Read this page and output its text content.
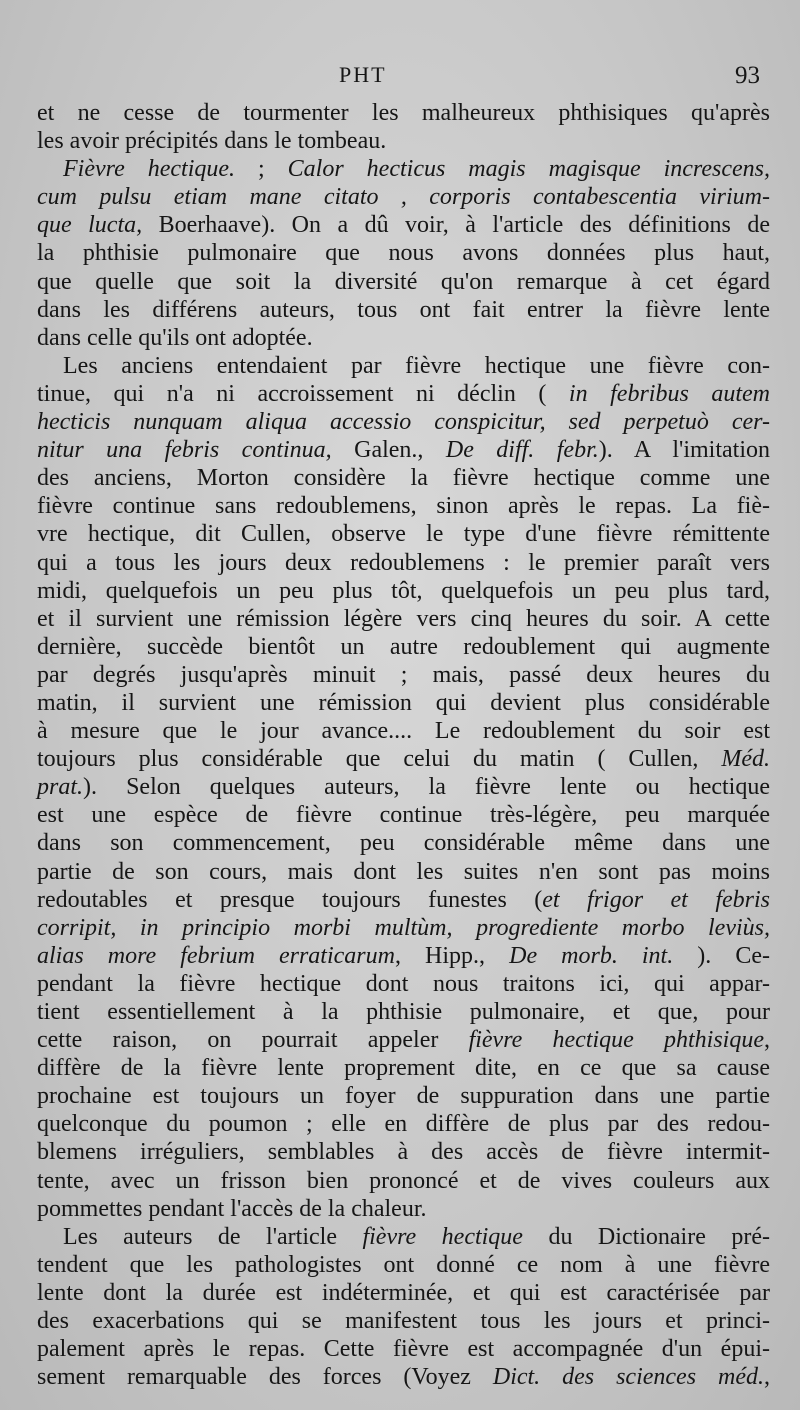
PHT	93
et ne cesse de tourmenter les malheureux phthisiques qu'après
les avoir précipités dans le tombeau.
Fièvre hectique. ; Calor hecticus magis magisque increscens,
cum pulsu etiam mane citato , corporis contabescentia virium-
que lucta, Boerhaave). On a dû voir, à l'article des définitions de
la phthisie pulmonaire que nous avons données plus haut,
que quelle que soit la diversité qu'on remarque à cet égard
dans les différens auteurs, tous ont fait entrer la fièvre lente
dans celle qu'ils ont adoptée.
Les anciens entendaient par fièvre hectique une fièvre con-
tinue, qui n'a ni accroissement ni déclin ( in febribus autem
hecticis nunquam aliqua accessio conspicitur, sed perpetuò cer-
nitur una febris continua, Galen., De diff. febr.). A l'imitation
des anciens, Morton considère la fièvre hectique comme une
fièvre continue sans redoublemens, sinon après le repas. La fiè-
vre hectique, dit Cullen, observe le type d'une fièvre rémittente
qui a tous les jours deux redoublemens : le premier paraît vers
midi, quelquefois un peu plus tôt, quelquefois un peu plus tard,
et il survient une rémission légère vers cinq heures du soir. A cette
dernière, succède bientôt un autre redoublement qui augmente
par degrés jusqu'après minuit ; mais, passé deux heures du
matin, il survient une rémission qui devient plus considérable
à mesure que le jour avance.... Le redoublement du soir est
toujours plus considérable que celui du matin ( Cullen, Méd.
prat.). Selon quelques auteurs, la fièvre lente ou hectique
est une espèce de fièvre continue très-légère, peu marquée
dans son commencement, peu considérable même dans une
partie de son cours, mais dont les suites n'en sont pas moins
redoutables et presque toujours funestes (et frigor et febris
corripit, in principio morbi multùm, progrediente morbo leviùs,
alias more febrium erraticarum, Hipp., De morb. int. ). Ce-
pendant la fièvre hectique dont nous traitons ici, qui appar-
tient essentiellement à la phthisie pulmonaire, et que, pour
cette raison, on pourrait appeler fièvre hectique phthisique,
diffère de la fièvre lente proprement dite, en ce que sa cause
prochaine est toujours un foyer de suppuration dans une partie
quelconque du poumon ; elle en diffère de plus par des redou-
blemens irréguliers, semblables à des accès de fièvre intermit-
tente, avec un frisson bien prononcé et de vives couleurs aux
pommettes pendant l'accès de la chaleur.
Les auteurs de l'article fièvre hectique du Dictionaire pré-
tendent que les pathologistes ont donné ce nom à une fièvre
lente dont la durée est indéterminée, et qui est caractérisée par
des exacerbations qui se manifestent tous les jours et princi-
palement après le repas. Cette fièvre est accompagnée d'un épui-
sement remarquable des forces (Voyez Dict. des sciences méd.,
